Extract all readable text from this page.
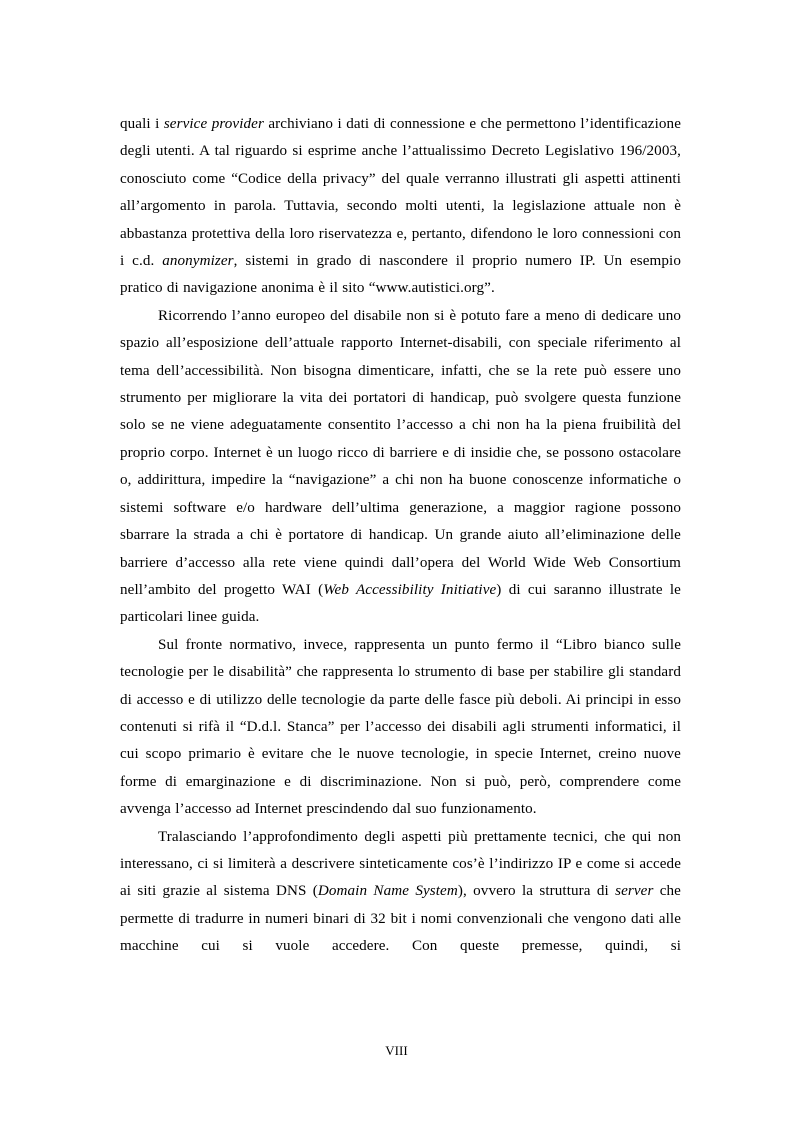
quali i service provider archiviano i dati di connessione e che permettono l’identificazione degli utenti. A tal riguardo si esprime anche l’attualissimo Decreto Legislativo 196/2003, conosciuto come “Codice della privacy” del quale verranno illustrati gli aspetti attinenti all’argomento in parola. Tuttavia, secondo molti utenti, la legislazione attuale non è abbastanza protettiva della loro riservatezza e, pertanto, difendono le loro connessioni con i c.d. anonymizer, sistemi in grado di nascondere il proprio numero IP. Un esempio pratico di navigazione anonima è il sito “www.autistici.org”.

Ricorrendo l’anno europeo del disabile non si è potuto fare a meno di dedicare uno spazio all’esposizione dell’attuale rapporto Internet-disabili, con speciale riferimento al tema dell’accessibilità. Non bisogna dimenticare, infatti, che se la rete può essere uno strumento per migliorare la vita dei portatori di handicap, può svolgere questa funzione solo se ne viene adeguatamente consentito l’accesso a chi non ha la piena fruibilità del proprio corpo. Internet è un luogo ricco di barriere e di insidie che, se possono ostacolare o, addirittura, impedire la “navigazione” a chi non ha buone conoscenze informatiche o sistemi software e/o hardware dell’ultima generazione, a maggior ragione possono sbarrare la strada a chi è portatore di handicap. Un grande aiuto all’eliminazione delle barriere d’accesso alla rete viene quindi dall’opera del World Wide Web Consortium nell’ambito del progetto WAI (Web Accessibility Initiative) di cui saranno illustrate le particolari linee guida.

Sul fronte normativo, invece, rappresenta un punto fermo il “Libro bianco sulle tecnologie per le disabilità” che rappresenta lo strumento di base per stabilire gli standard di accesso e di utilizzo delle tecnologie da parte delle fasce più deboli. Ai principi in esso contenuti si rifà il “D.d.l. Stanca” per l’accesso dei disabili agli strumenti informatici, il cui scopo primario è evitare che le nuove tecnologie, in specie Internet, creino nuove forme di emarginazione e di discriminazione. Non si può, però, comprendere come avvenga l’accesso ad Internet prescindendo dal suo funzionamento.

Tralasciando l’approfondimento degli aspetti più prettamente tecnici, che qui non interessano, ci si limiterà a descrivere sinteticamente cos’è l’indirizzo IP e come si accede ai siti grazie al sistema DNS (Domain Name System), ovvero la struttura di server che permette di tradurre in numeri binari di 32 bit i nomi convenzionali che vengono dati alle macchine cui si vuole accedere. Con queste premesse, quindi, si

VIII
